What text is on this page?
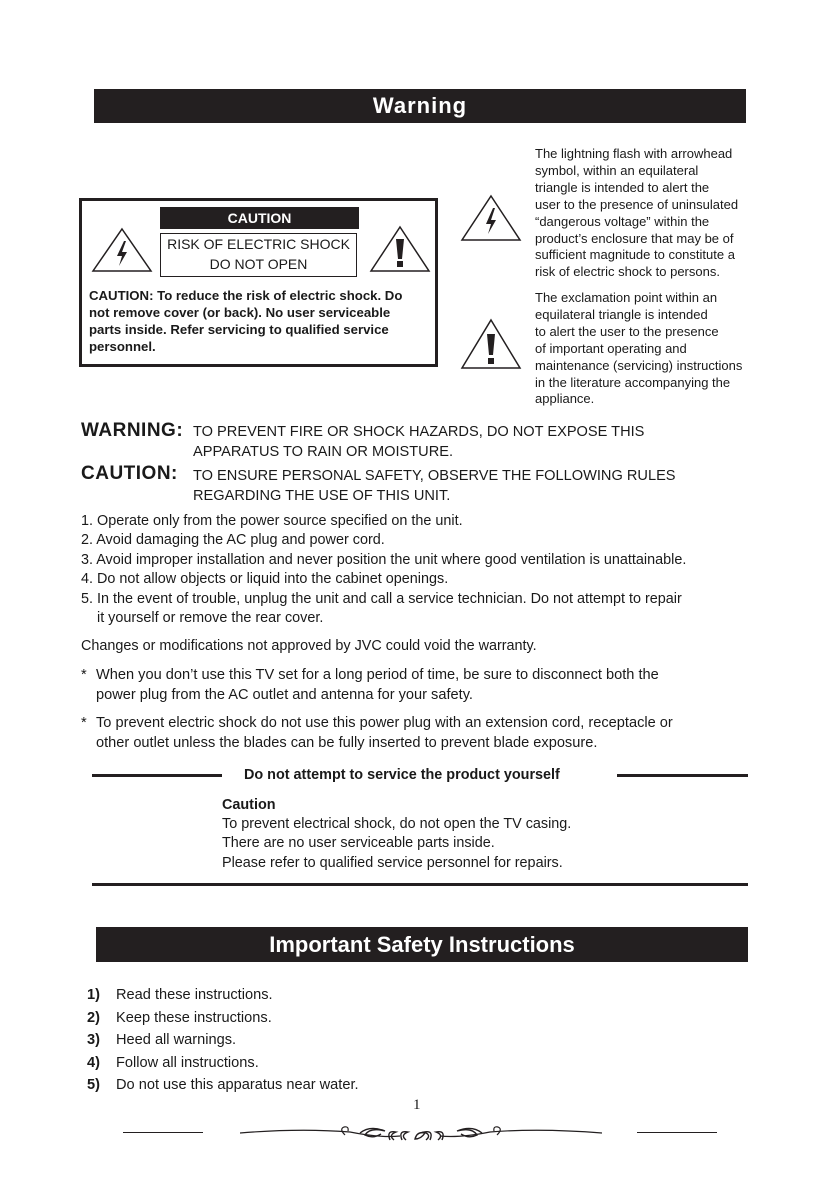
Warning
CAUTION
RISK OF ELECTRIC SHOCK
DO NOT OPEN
CAUTION: To reduce the risk of electric shock. Do
not remove cover (or back). No user serviceable
parts inside. Refer servicing to qualified service
personnel.
The lightning flash with arrowhead
symbol, within an equilateral
triangle is intended to alert the
user to the presence of uninsulated
“dangerous voltage” within the
product’s enclosure that may be of
sufficient magnitude to constitute a
risk of electric shock to persons.
The exclamation point within an
equilateral triangle is intended
to alert the user to the presence
of important operating and
maintenance (servicing) instructions
in the literature accompanying the
appliance.
WARNING: TO PREVENT FIRE OR SHOCK HAZARDS, DO NOT EXPOSE THIS
APPARATUS TO RAIN OR MOISTURE.
CAUTION: TO ENSURE PERSONAL SAFETY, OBSERVE THE FOLLOWING RULES
REGARDING THE USE OF THIS UNIT.
1. Operate only from the power source specified on the unit.
2. Avoid damaging the AC plug and power cord.
3. Avoid improper installation and never position the unit where good ventilation is unattainable.
4. Do not allow objects or liquid into the cabinet openings.
5. In the event of trouble, unplug the unit and call a service technician. Do not attempt to repair
it yourself or remove the rear cover.
Changes or modifications not approved by JVC could void the warranty.
* When you don’t use this TV set for a long period of time, be sure to disconnect both the
power plug from the AC outlet and antenna for your safety.
* To prevent electric shock do not use this power plug with an extension cord, receptacle or
other outlet unless the blades can be fully inserted to prevent blade exposure.
Do not attempt to service the product yourself
Caution
To prevent electrical shock, do not open the TV casing.
There are no user serviceable parts inside.
Please refer to qualified service personnel for repairs.
Important Safety Instructions
1) Read these instructions.
2) Keep these instructions.
3) Heed all warnings.
4) Follow all instructions.
5) Do not use this apparatus near water.
1
